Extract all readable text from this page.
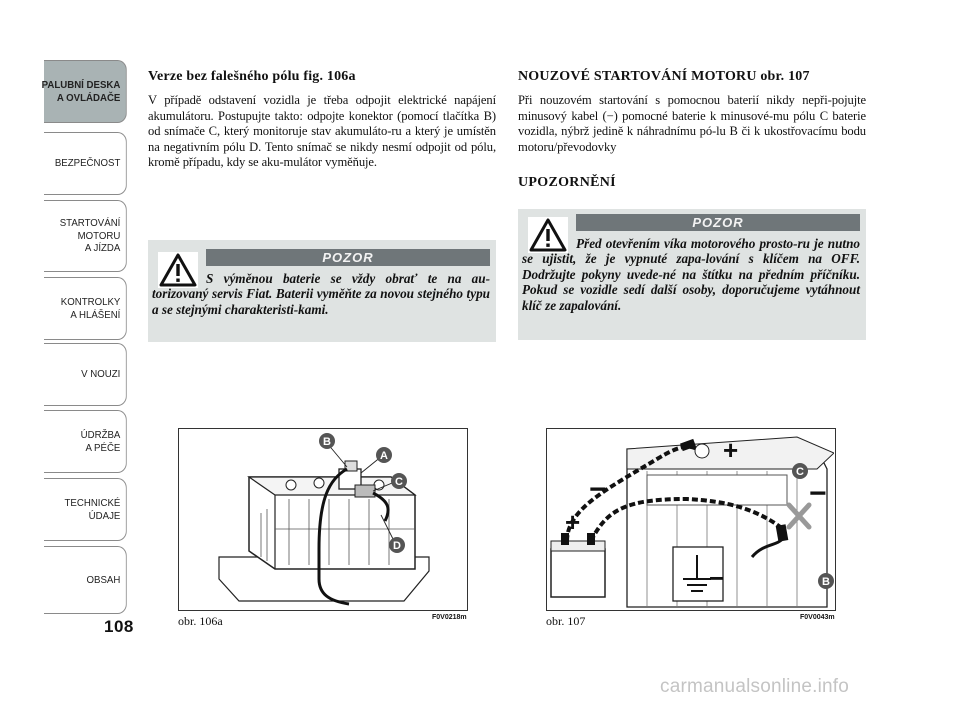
PALUBNÍ DESKA
A OVLÁDAČE
BEZPEČNOST
STARTOVÁNÍ
MOTORU
A JÍZDA
KONTROLKY
A HLÁŠENÍ
V NOUZI
ÚDRŽBA
A PÉČE
TECHNICKÉ
ÚDAJE
OBSAH
108
Verze bez falešného pólu fig. 106a

V případě odstavení vozidla je třeba odpojit elektrické napájení akumulátoru. Postupujte takto: odpojte konektor (pomocí tlačítka B) od snímače C, který monitoruje stav akumuláto-ru a který je umístěn na negativním pólu D. Tento snímač se nikdy nesmí odpojit od pólu, kromě případu, kdy se aku-mulátor vyměňuje.

POZOR
S výměnou baterie se vždy obrať te na au-torizovaný servis Fiat. Baterii vyměňte za novou stejného typu a se stejnými charakteristi-kami.
B
A
C
D
obr. 106a	F0V0218m
NOUZOVÉ STARTOVÁNÍ MOTORU obr. 107

Při nouzovém startování s pomocnou baterií nikdy nepři-pojujte minusový kabel (−) pomocné baterie k minusové-mu pólu C baterie vozidla, nýbrž jedině k náhradnímu pó-lu B či k ukostřovacímu bodu motoru/převodovky

UPOZORNĚNÍ
POZOR
Před otevřením víka motorového prosto-ru je nutno se ujistit, že je vypnuté zapa-lování s klíčem na OFF. Dodržujte pokyny uvede-né na štítku na předním příčníku. Pokud se vozidle sedí další osoby, doporučujeme vytáhnout klíč ze zapalování.
+
−
+
−
−
C
B
obr. 107	F0V0043m
carmanualsonline.info
